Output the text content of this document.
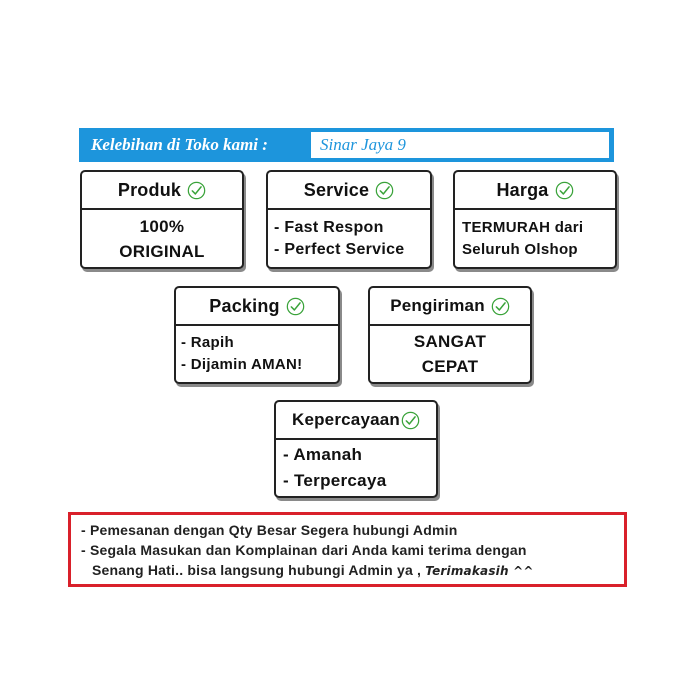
Kelebihan di Toko kami :	Sinar Jaya 9
Produk
100%
ORIGINAL
Service
- Fast Respon
- Perfect Service
Harga
TERMURAH dari
Seluruh Olshop
Packing
- Rapih
- Dijamin AMAN!
Pengiriman
SANGAT
CEPAT
Kepercayaan
- Amanah
- Terpercaya
- Pemesanan dengan Qty Besar Segera hubungi Admin
- Segala Masukan dan Komplainan dari Anda kami terima dengan
Senang Hati.. bisa langsung hubungi Admin ya , Terimakasih ^^
